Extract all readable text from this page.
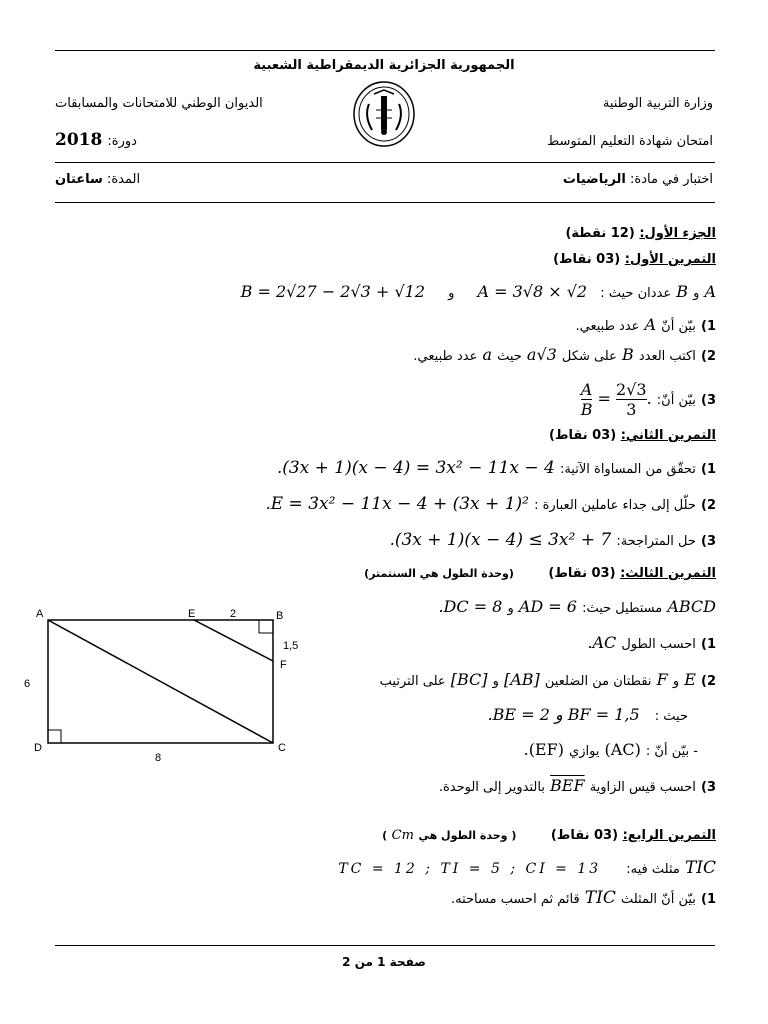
الجمهورية الجزائرية الديمقراطية الشعبية
وزارة التربية الوطنية
الديوان الوطني للامتحانات والمسابقات
امتحان شهادة التعليم المتوسط
2018 دورة:
اختبار في مادة: الرياضيات
المدة: ساعتان
الجزء الأول: (12 نقطة)
التمرين الأول: (03 نقاط)
A و B عددان حيث : A = 3√8 × √2 و B = 2√27 − 2√3 + √12
1) بيّن أنّ A عدد طبيعي.
2) اكتب العدد B على شكل a√3 حيث a عدد طبيعي.
3) بيّن أنّ:
$\frac{A}{B} = \frac{2√3}{3}$ .
التمرين الثاني: (03 نقاط)
1) تحقّق من المساواة الآتية: (3x + 1)(x − 4) = 3x² − 11x − 4.
2) حلّل إلى جداء عاملين العبارة : E = 3x² − 11x − 4 + (3x + 1)².
3) حل المتراجحة: (3x + 1)(x − 4) ≤ 3x² + 7.
التمرين الثالث: (03 نقاط) (وحدة الطول هي السنتمتر)
ABCD مستطيل حيث: AD = 6 و DC = 8 .
1) احسب الطول AC .
2) E و F نقطتان من الضلعين [AB] و [BC] على الترتيب
حيث : BE = 2 و BF = 1,5 .
- بيّن أنّ : (AC) يوازي (EF).
3) احسب قيس الزاوية $\overline{BEF}$ بالتدوير إلى الوحدة.
A	B
C
D
E
F
2
1,5
6
8
التمرين الرابع: (03 نقاط) ( وحدة الطول هي Cm )
TIC مثلث فيه: TC = 12 ; TI = 5 ; CI = 13
1) بيّن أنّ المثلث TIC قائم ثم احسب مساحته.
صفحة 1 من 2
